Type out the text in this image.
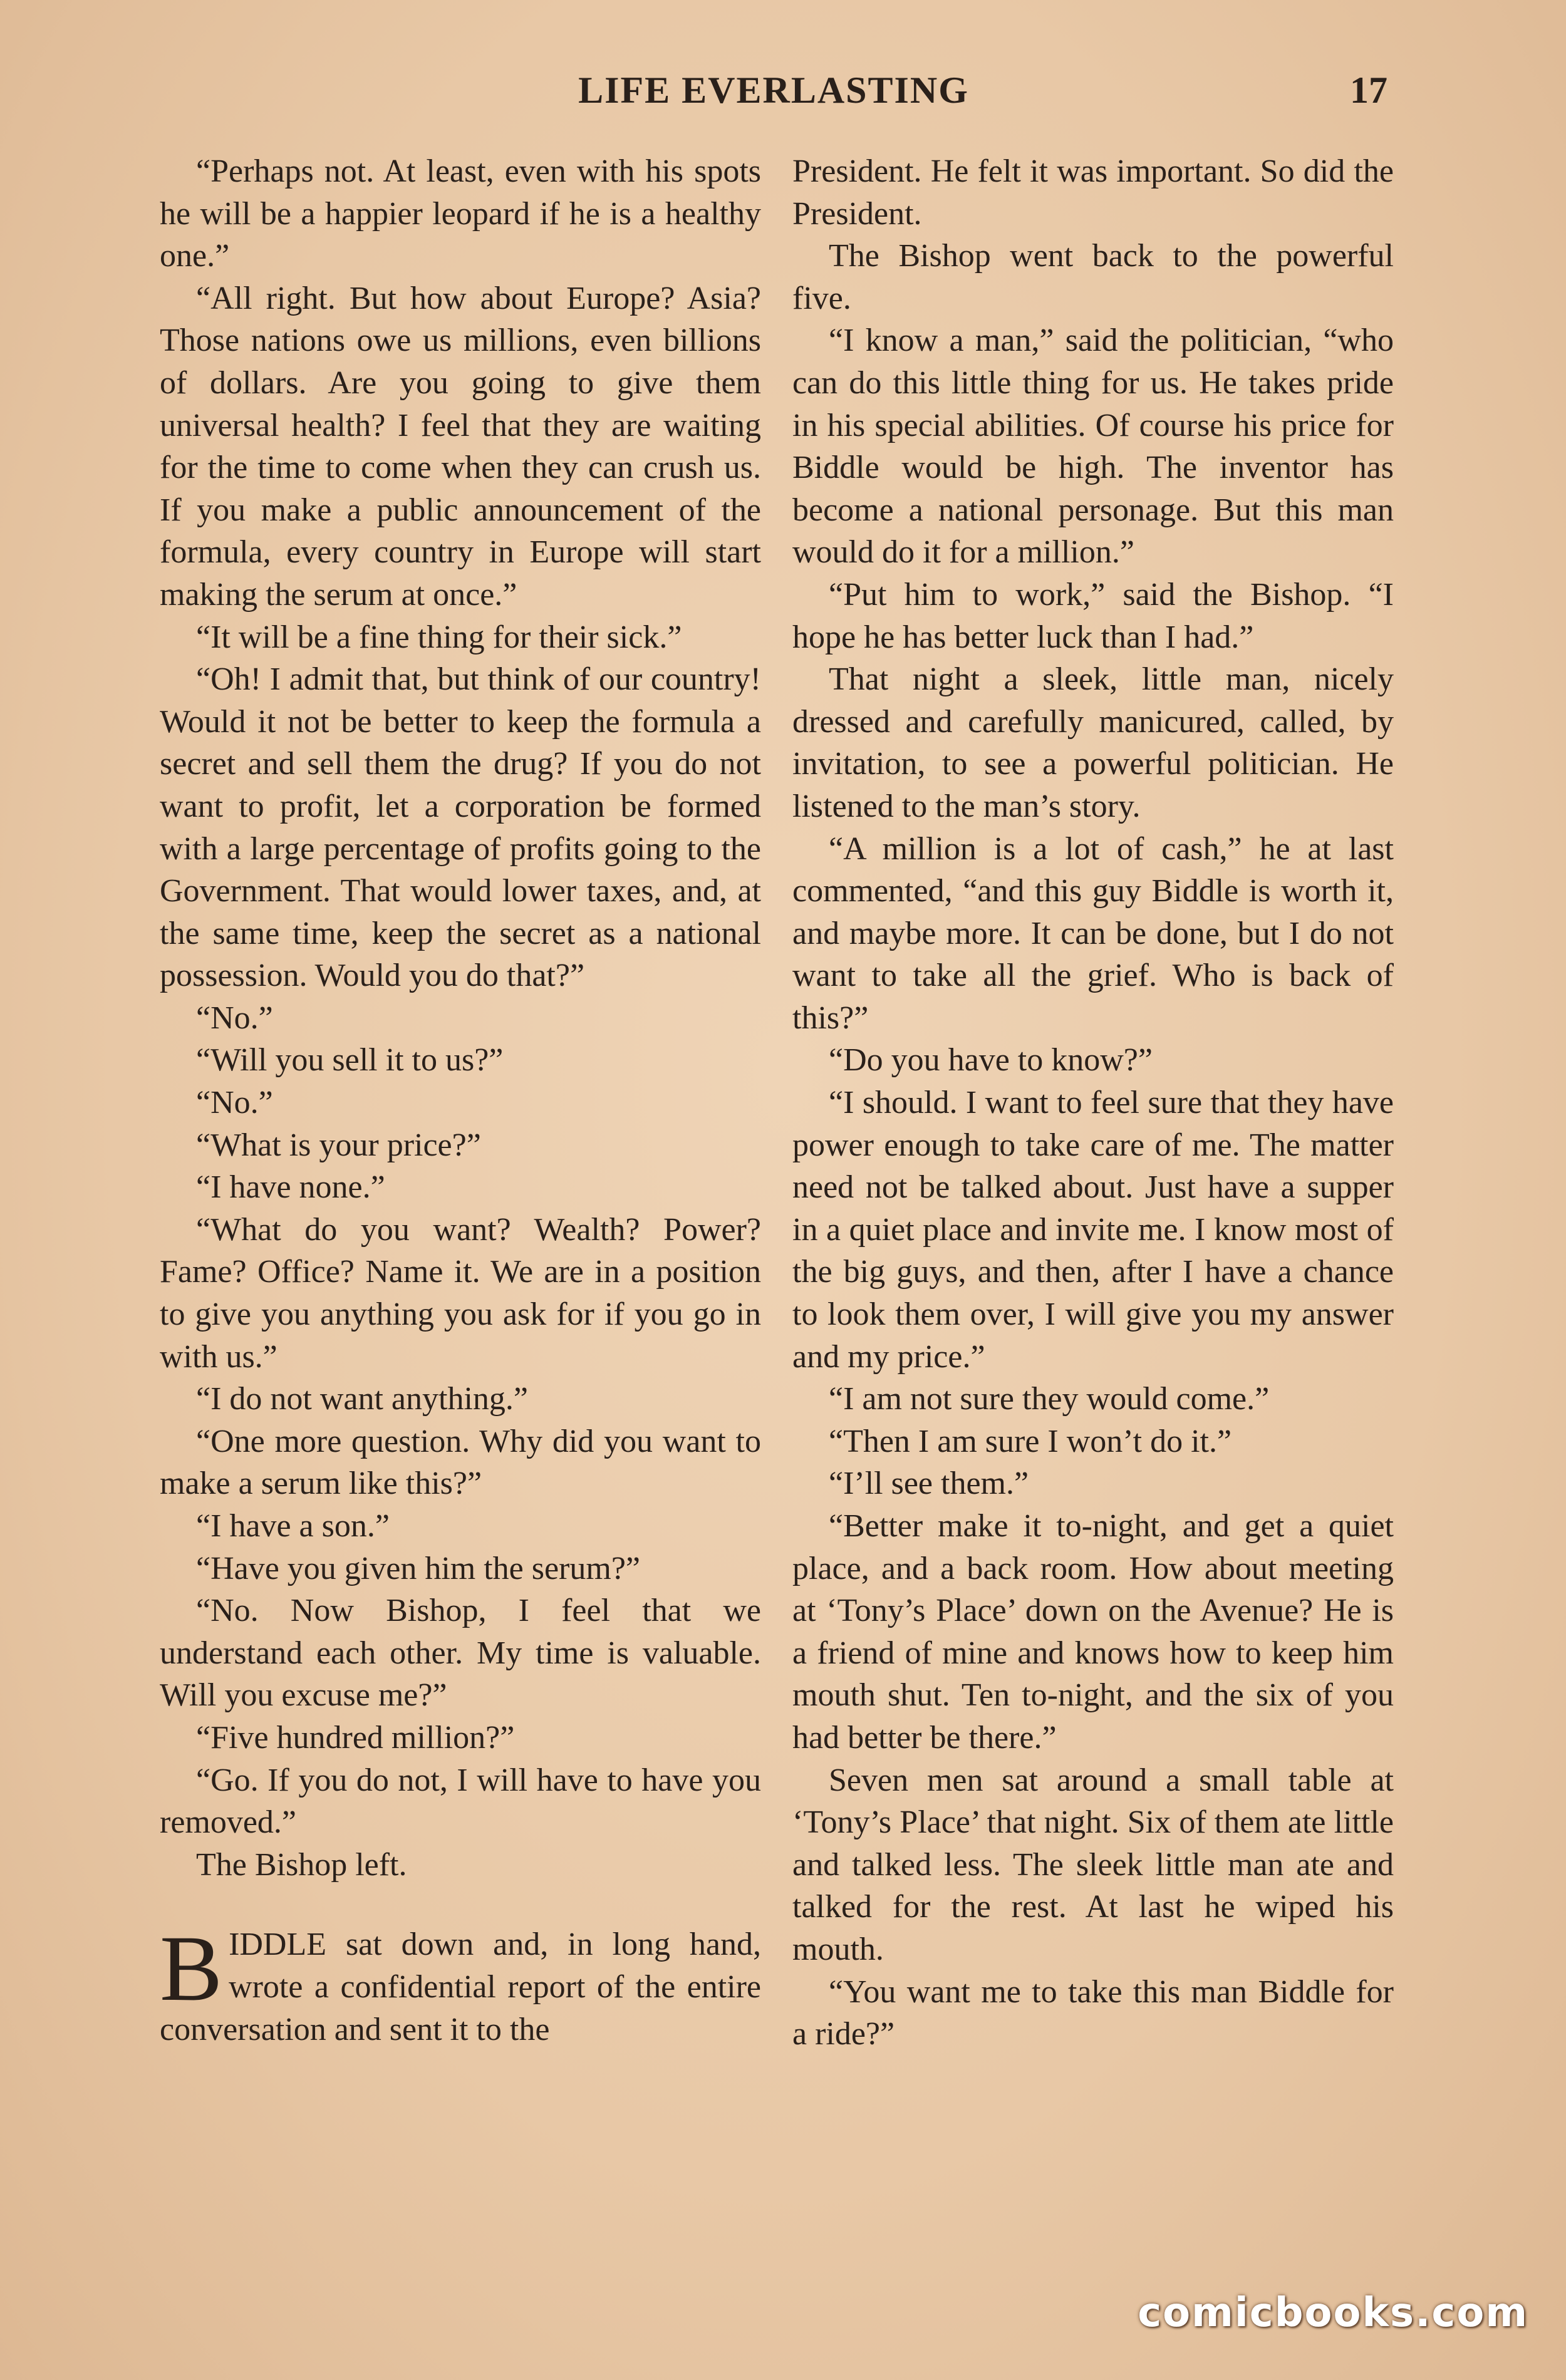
LIFE EVERLASTING	17

“Perhaps not. At least, even with his spots he will be a happier leopard if he is a healthy one.”

“All right. But how about Europe? Asia? Those nations owe us millions, even billions of dollars. Are you going to give them universal health? I feel that they are waiting for the time to come when they can crush us. If you make a public announcement of the formula, every country in Europe will start making the serum at once.”

“It will be a fine thing for their sick.”

“Oh! I admit that, but think of our country! Would it not be better to keep the formula a secret and sell them the drug? If you do not want to profit, let a corporation be formed with a large percentage of profits going to the Government. That would lower taxes, and, at the same time, keep the secret as a national possession. Would you do that?”

“No.”

“Will you sell it to us?”

“No.”

“What is your price?”

“I have none.”

“What do you want? Wealth? Power? Fame? Office? Name it. We are in a position to give you anything you ask for if you go in with us.”

“I do not want anything.”

“One more question. Why did you want to make a serum like this?”

“I have a son.”

“Have you given him the serum?”

“No. Now Bishop, I feel that we understand each other. My time is valuable. Will you excuse me?”

“Five hundred million?”

“Go. If you do not, I will have to have you removed.”

The Bishop left.

BIDDLE sat down and, in long hand, wrote a confidential report of the entire conversation and sent it to the

President. He felt it was important. So did the President.

The Bishop went back to the powerful five.

“I know a man,” said the politician, “who can do this little thing for us. He takes pride in his special abilities. Of course his price for Biddle would be high. The inventor has become a national personage. But this man would do it for a million.”

“Put him to work,” said the Bishop. “I hope he has better luck than I had.”

That night a sleek, little man, nicely dressed and carefully manicured, called, by invitation, to see a powerful politician. He listened to the man’s story.

“A million is a lot of cash,” he at last commented, “and this guy Biddle is worth it, and maybe more. It can be done, but I do not want to take all the grief. Who is back of this?”

“Do you have to know?”

“I should. I want to feel sure that they have power enough to take care of me. The matter need not be talked about. Just have a supper in a quiet place and invite me. I know most of the big guys, and then, after I have a chance to look them over, I will give you my answer and my price.”

“I am not sure they would come.”

“Then I am sure I won’t do it.”

“I’ll see them.”

“Better make it to-night, and get a quiet place, and a back room. How about meeting at ‘Tony’s Place’ down on the Avenue? He is a friend of mine and knows how to keep him mouth shut. Ten to-night, and the six of you had better be there.”

Seven men sat around a small table at ‘Tony’s Place’ that night. Six of them ate little and talked less. The sleek little man ate and talked for the rest. At last he wiped his mouth.

“You want me to take this man Biddle for a ride?”

comicbooks.com
